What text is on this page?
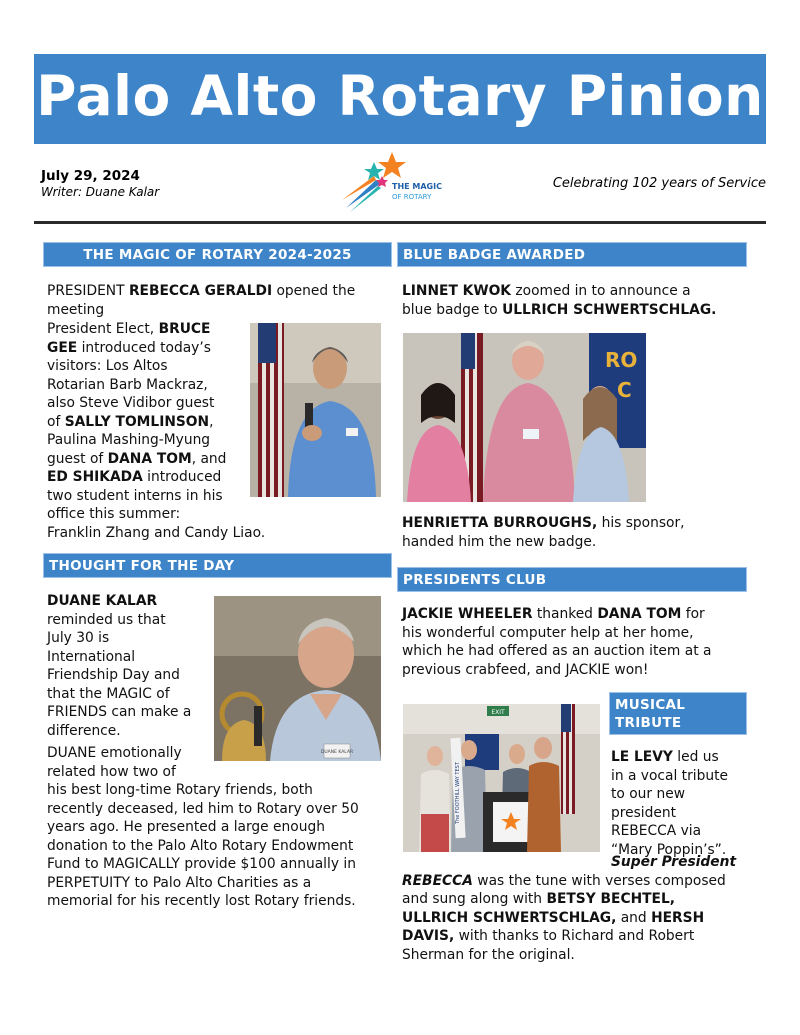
Palo Alto Rotary Pinion
July 29, 2024
Writer: Duane Kalar
Celebrating 102 years of Service
THE MAGIC
OF ROTARY
THE MAGIC OF ROTARY 2024-2025
PRESIDENT REBECCA GERALDI opened the meeting
President Elect, BRUCE
GEE introduced today’s
visitors: Los Altos
Rotarian Barb Mackraz,
also Steve Vidibor guest
of SALLY TOMLINSON,
Paulina Mashing-Myung
guest of DANA TOM, and
ED SHIKADA introduced
two student interns in his
office this summer:
Franklin Zhang and Candy Liao.
THOUGHT FOR THE DAY
DUANE KALAR
reminded us that
July 30 is
International
Friendship Day and
that the MAGIC of
FRIENDS can make a
difference.
DUANE KALAR
DUANE emotionally
related how two of
his best long-time Rotary friends, both
recently deceased, led him to Rotary over 50
years ago. He presented a large enough
donation to the Palo Alto Rotary Endowment
Fund to MAGICALLY provide $100 annually in
PERPETUITY to Palo Alto Charities as a
memorial for his recently lost Rotary friends.
BLUE BADGE AWARDED
LINNET KWOK zoomed in to announce a
blue badge to ULLRICH SCHWERTSCHLAG.
RO
C
HENRIETTA BURROUGHS, his sponsor,
handed him the new badge.
PRESIDENTS CLUB
JACKIE WHEELER thanked DANA TOM for
his wonderful computer help at her home,
which he had offered as an auction item at a
previous crabfeed, and JACKIE won!
EXIT
The FOOTHILL WAY TEST
MUSICAL
TRIBUTE
LE LEVY led us
in a vocal tribute
to our new
president
REBECCA via
“Mary Poppin’s”.
Super President
REBECCA was the tune with verses composed
and sung along with BETSY BECHTEL,
ULLRICH SCHWERTSCHLAG, and HERSH
DAVIS, with thanks to Richard and Robert
Sherman for the original.
